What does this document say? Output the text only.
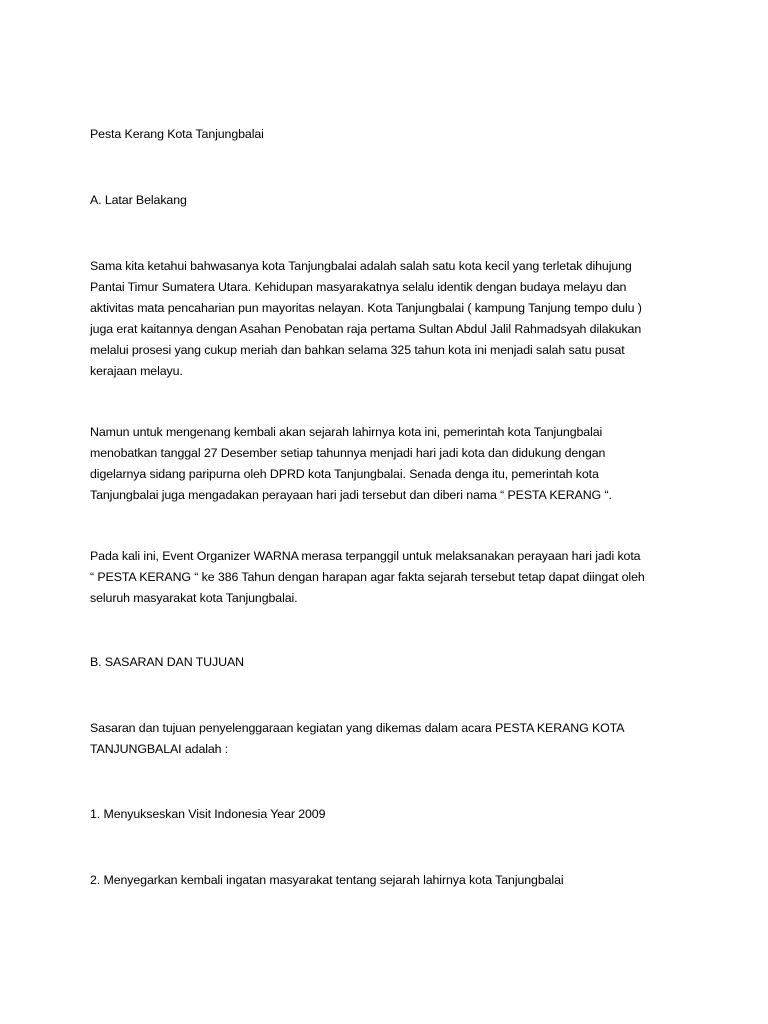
Pesta Kerang Kota Tanjungbalai

A. Latar Belakang

Sama kita ketahui bahwasanya kota Tanjungbalai adalah salah satu kota kecil yang terletak dihujung
Pantai Timur Sumatera Utara. Kehidupan masyarakatnya selalu identik dengan budaya melayu dan
aktivitas mata pencaharian pun mayoritas nelayan. Kota Tanjungbalai ( kampung Tanjung tempo dulu )
juga erat kaitannya dengan Asahan Penobatan raja pertama Sultan Abdul Jalil Rahmadsyah dilakukan
melalui prosesi yang cukup meriah dan bahkan selama 325 tahun kota ini menjadi salah satu pusat
kerajaan melayu.

Namun untuk mengenang kembali akan sejarah lahirnya kota ini, pemerintah kota Tanjungbalai
menobatkan tanggal 27 Desember setiap tahunnya menjadi hari jadi kota dan didukung dengan
digelarnya sidang paripurna oleh DPRD kota Tanjungbalai. Senada denga itu, pemerintah kota
Tanjungbalai juga mengadakan perayaan hari jadi tersebut dan diberi nama “ PESTA KERANG “.

Pada kali ini, Event Organizer WARNA merasa terpanggil untuk melaksanakan perayaan hari jadi kota
“ PESTA KERANG “ ke 386 Tahun dengan harapan agar fakta sejarah tersebut tetap dapat diingat oleh
seluruh masyarakat kota Tanjungbalai.

B. SASARAN DAN TUJUAN

Sasaran dan tujuan penyelenggaraan kegiatan yang dikemas dalam acara PESTA KERANG KOTA
TANJUNGBALAI adalah :

1. Menyukseskan Visit Indonesia Year 2009

2. Menyegarkan kembali ingatan masyarakat tentang sejarah lahirnya kota Tanjungbalai
